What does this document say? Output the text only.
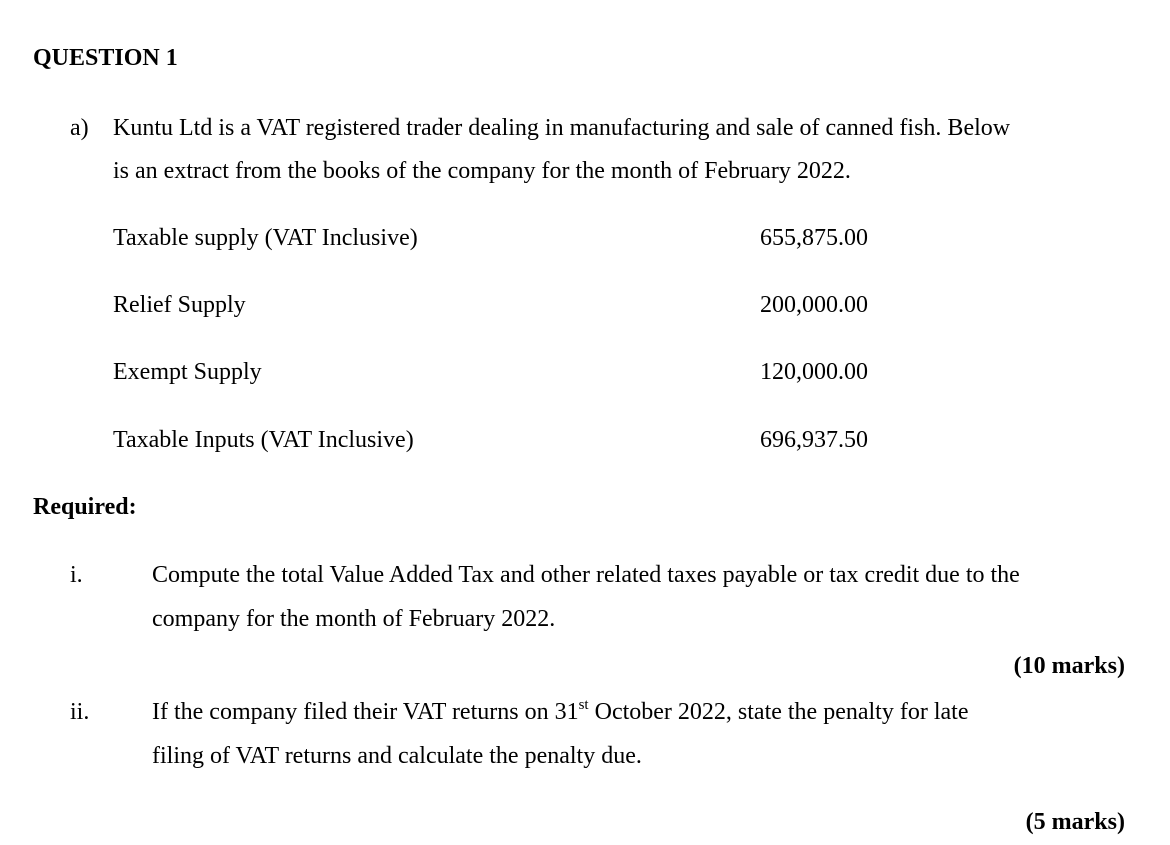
QUESTION 1
a) Kuntu Ltd is a VAT registered trader dealing in manufacturing and sale of canned fish. Below
is an extract from the books of the company for the month of February 2022.
Taxable supply (VAT Inclusive)	655,875.00
Relief Supply	200,000.00
Exempt Supply	120,000.00
Taxable Inputs (VAT Inclusive)	696,937.50
Required:
i.	Compute the total Value Added Tax and other related taxes payable or tax credit due to the
company for the month of February 2022.
(10 marks)
ii.	If the company filed their VAT returns on 31st October 2022, state the penalty for late
filing of VAT returns and calculate the penalty due.
(5 marks)
